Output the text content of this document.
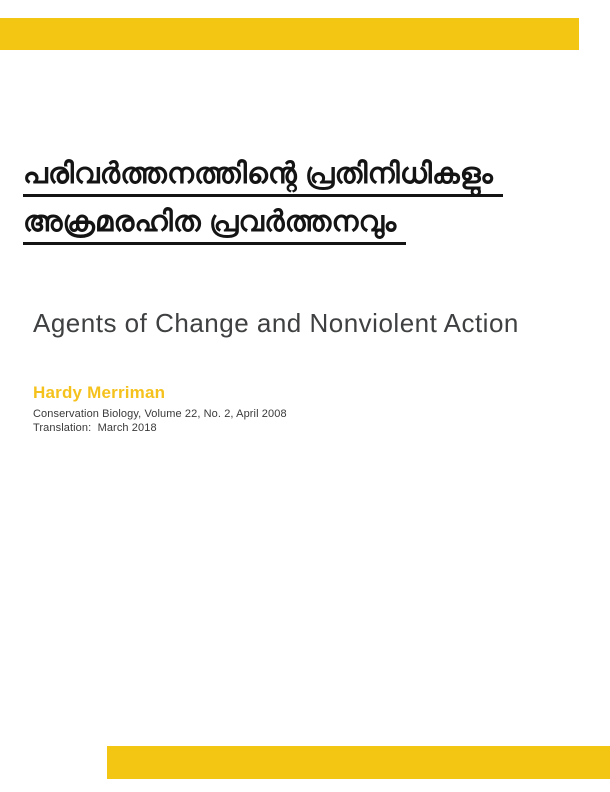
പരിവര്‍ത്തനത്തിന്റെ പ്രതിനിധികളും
അക്രമരഹിത പ്രവര്‍ത്തനവും
Agents of Change and Nonviolent Action
Hardy Merriman
Conservation Biology, Volume 22, No. 2, April 2008
Translation:  March 2018
